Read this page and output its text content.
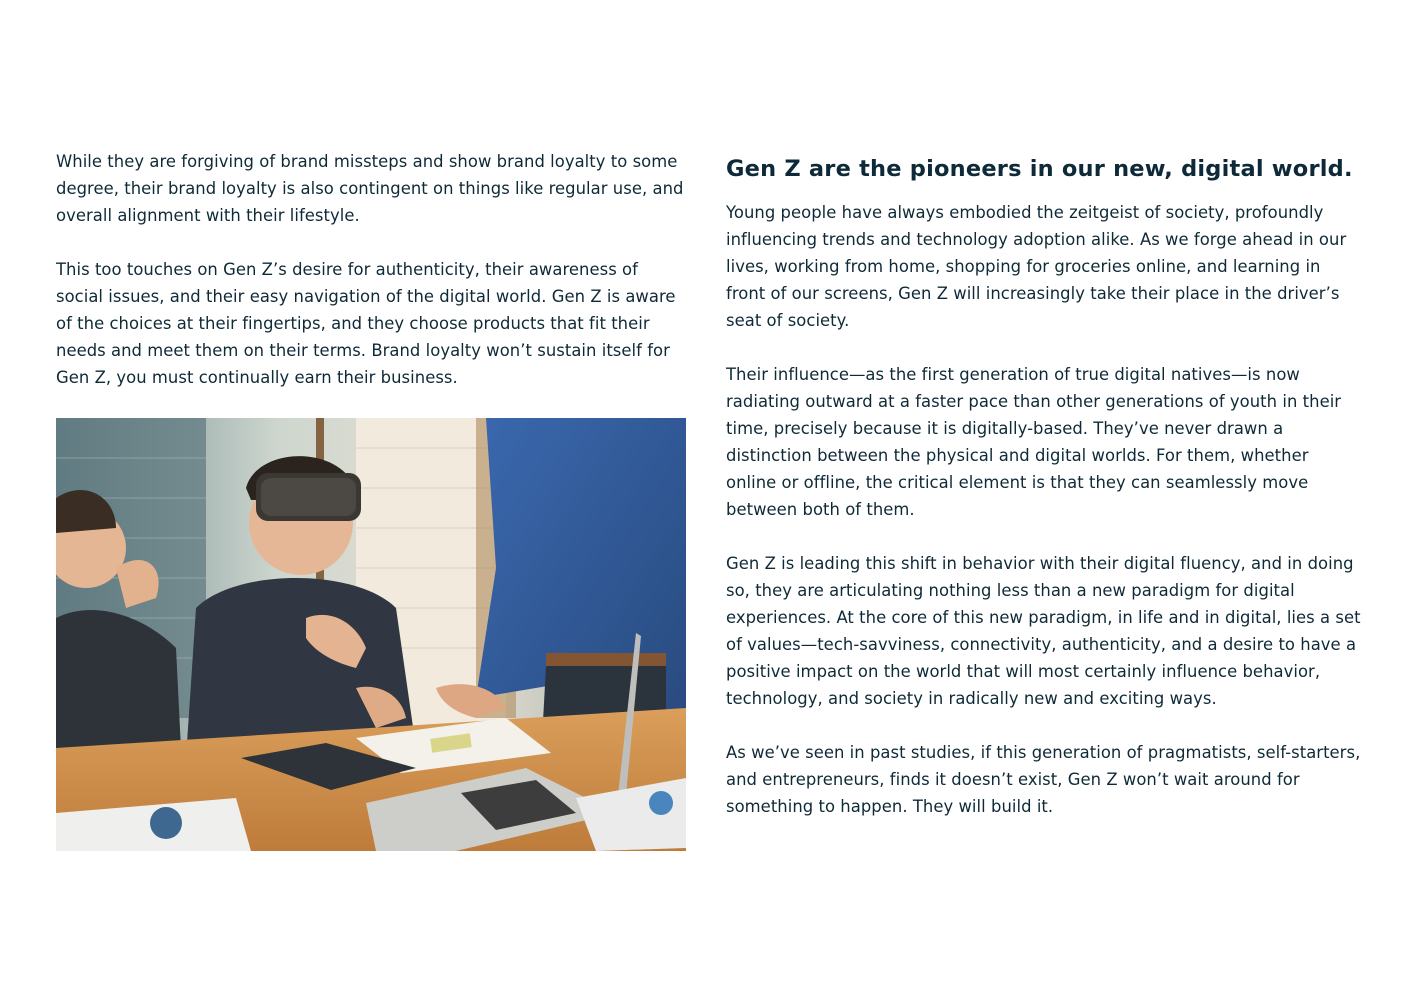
While they are forgiving of brand missteps and show brand loyalty to some degree, their brand loyalty is also contingent on things like regular use, and overall alignment with their lifestyle.

This too touches on Gen Z’s desire for authenticity, their awareness of social issues, and their easy navigation of the digital world. Gen Z is aware of the choices at their fingertips, and they choose products that fit their needs and meet them on their terms. Brand loyalty won’t sustain itself for Gen Z, you must continually earn their business.

Gen Z are the pioneers in our new, digital world.

Young people have always embodied the zeitgeist of society, profoundly influencing trends and technology adoption alike. As we forge ahead in our lives, working from home, shopping for groceries online, and learning in front of our screens, Gen Z will increasingly take their place in the driver’s seat of society.

Their influence—as the first generation of true digital natives—is now radiating outward at a faster pace than other generations of youth in their time, precisely because it is digitally-based. They’ve never drawn a distinction between the physical and digital worlds. For them, whether online or offline, the critical element is that they can seamlessly move between both of them.

Gen Z is leading this shift in behavior with their digital fluency, and in doing so, they are articulating nothing less than a new paradigm for digital experiences. At the core of this new paradigm, in life and in digital, lies a set of values—tech-savviness, connectivity, authenticity, and a desire to have a positive impact on the world that will most certainly influence behavior, technology, and society in radically new and exciting ways.

As we’ve seen in past studies, if this generation of pragmatists, self-starters, and entrepreneurs, finds it doesn’t exist, Gen Z won’t wait around for something to happen. They will build it.
